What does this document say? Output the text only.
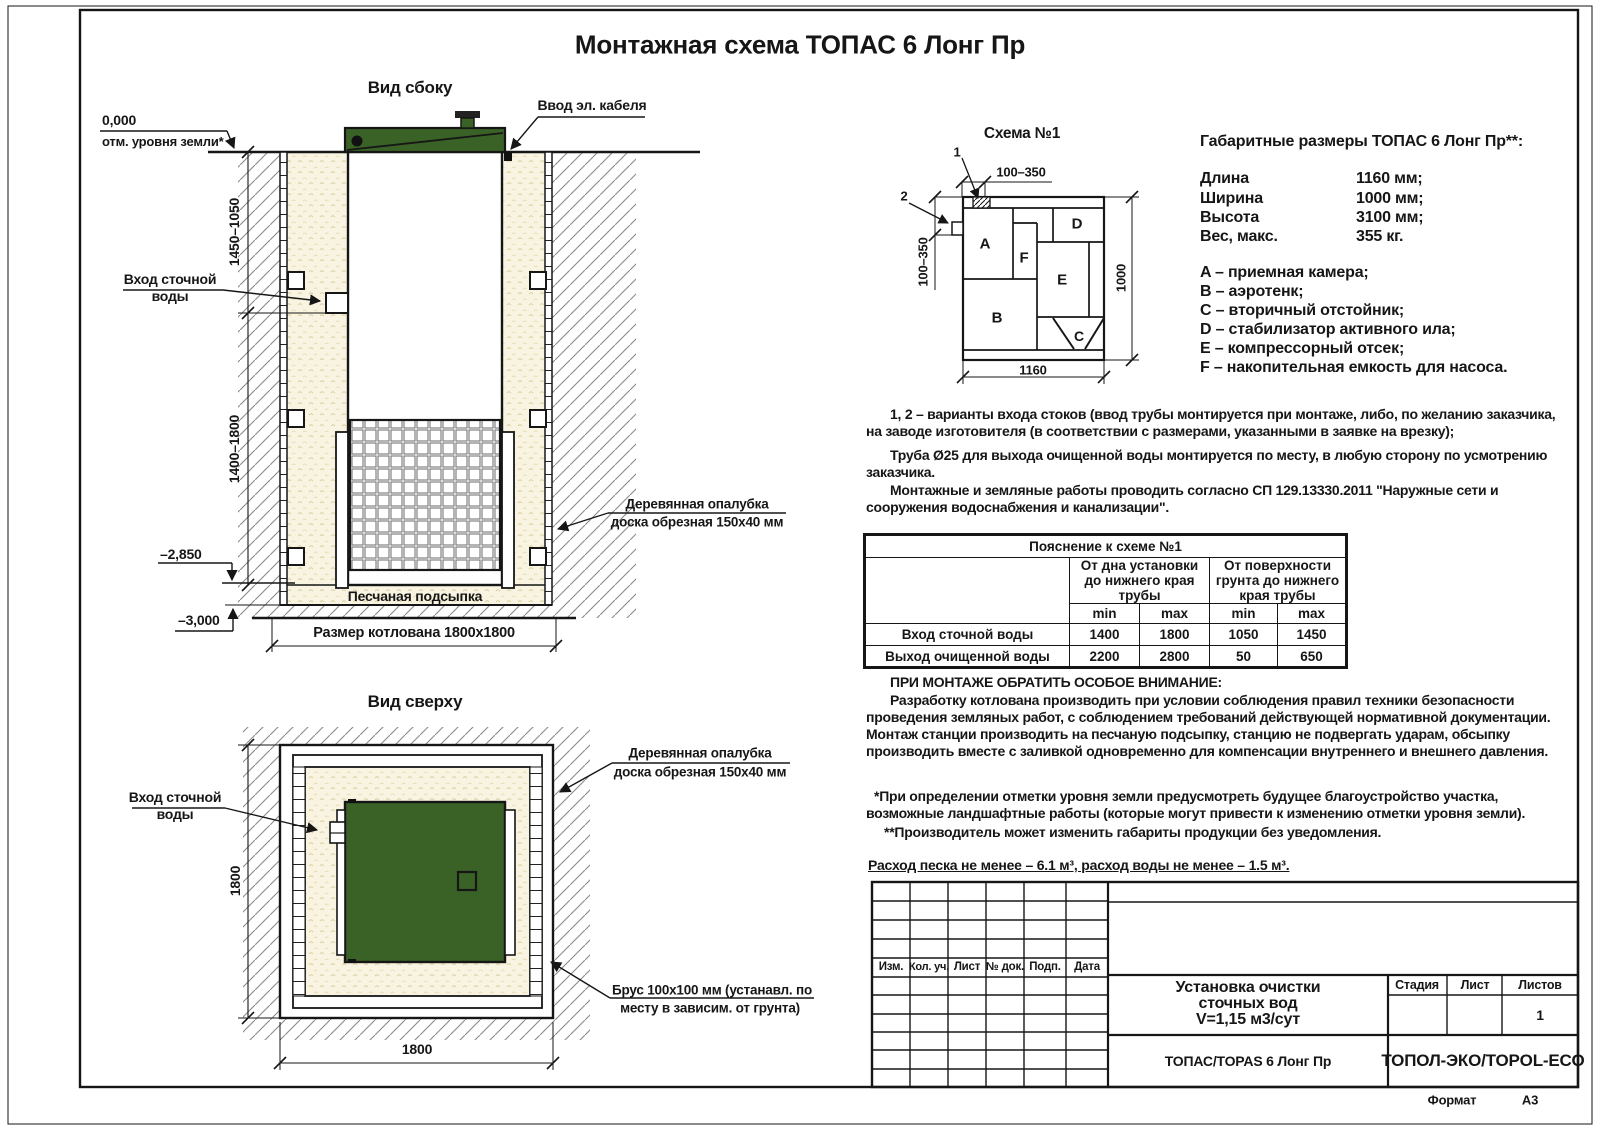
Монтажная схема ТОПАС 6 Лонг Пр
Вид сбоку
0,000
отм. уровня земли*
Ввод эл. кабеля
Вход сточной
воды
1450–1050
1400–1800
–2,850
–3,000
Песчаная подсыпка
Размер котлована 1800x1800
Деревянная опалубка
доска обрезная 150x40 мм
Вид сверху
Вход сточной
воды
Деревянная опалубка
доска обрезная 150x40 мм
Брус 100x100 мм (устанавл. по
месту в зависим. от грунта)
1800
1800
Схема №1
1
2
100–350
100–350
1160
1000
A
B
C
D
E
F
Габаритные размеры ТОПАС 6 Лонг Пр**:
Длина	1160 мм;
Ширина	1000 мм;
Высота	3100 мм;
Вес, макс.	355 кг.
A – приемная камера;
B – аэротенк;
C – вторичный отстойник;
D – стабилизатор активного ила;
E – компрессорный отсек;
F – накопительная емкость для насоса.

1, 2 – варианты входа стоков (ввод трубы монтируется при монтаже, либо, по желанию заказчика, на заводе изготовителя (в соответствии с размерами, указанными в заявке на врезку);

Труба Ø25 для выхода очищенной воды монтируется по месту, в любую сторону по усмотрению заказчика.

Монтажные и земляные работы проводить согласно СП 129.13330.2011 "Наружные сети и сооружения водоснабжения и канализации".

ПРИ МОНТАЖЕ ОБРАТИТЬ ОСОБОЕ ВНИМАНИЕ:

Разработку котлована производить при условии соблюдения правил техники безопасности проведения земляных работ, с соблюдением требований действующей нормативной документации. Монтаж станции производить на песчаную подсыпку, станцию не подвергать ударам, обсыпку производить вместе с заливкой одновременно для компенсации внутреннего и внешнего давления.

*При определении отметки уровня земли предусмотреть будущее благоустройство участка, возможные ландшафтные работы (которые могут привести к изменению отметки уровня земли).

**Производитель может изменить габариты продукции без уведомления.

Расход песка не менее – 6.1 м³, расход воды не менее – 1.5 м³.
Пояснение к схеме №1				
	От дна установки до нижнего края трубы		От поверхности грунта до нижнего края трубы	
	min	max	min	max
Вход сточной воды	1400	1800	1050	1450
Выход очищенной воды	2200	2800	50	650
Изм. Кол. уч. Лист № док. Подп. Дата
Установка очистки
сточных вод
V=1,15 м3/сут
Стадия Лист Листов
1
ТОПАС/TOPAS 6 Лонг Пр	ТОПОЛ-ЭКО/TOPOL-ECO
Формат	А3
